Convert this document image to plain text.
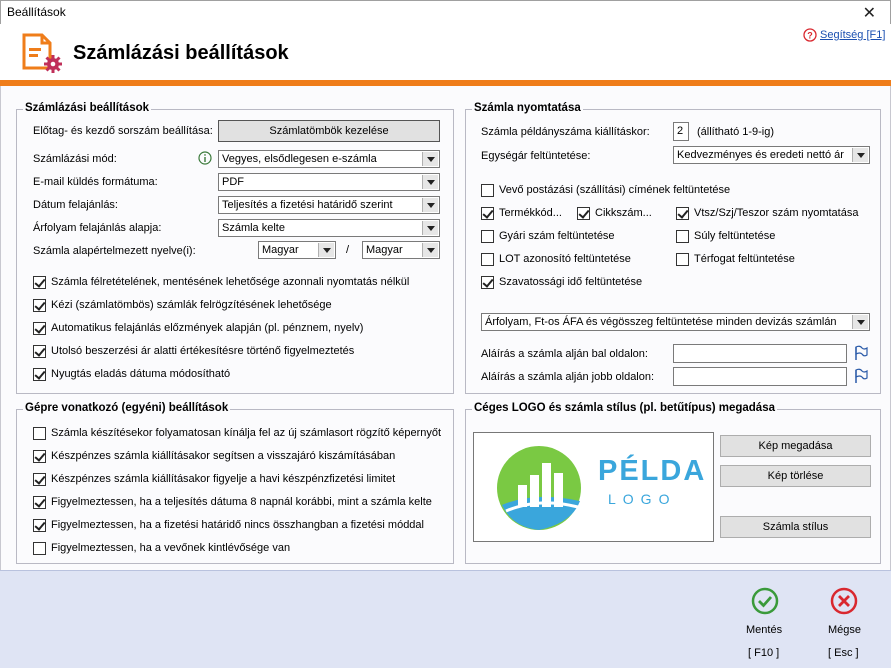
Beállítások	✕
Számlázási beállítások
? Segítség [F1]
Számlázási beállítások
Előtag- és kezdő sorszám beállítása:	Számlatömbök kezelése
Számlázási mód:	Vegyes, elsődlegesen e-számla
E-mail küldés formátuma:	PDF
Dátum felajánlás:	Teljesítés a fizetési határidő szerint
Árfolyam felajánlás alapja:	Számla kelte
Számla alapértelmezett nyelve(i):	Magyar	/	Magyar
Számla félretételének, mentésének lehetősége azonnali nyomtatás nélkül
Kézi (számlatömbös) számlák felrögzítésének lehetősége
Automatikus felajánlás előzmények alapján (pl. pénznem, nyelv)
Utolsó beszerzési ár alatti értékesítésre történő figyelmeztetés
Nyugtás eladás dátuma módosítható
Gépre vonatkozó (egyéni) beállítások
Számla készítésekor folyamatosan kínálja fel az új számlasort rögzítő képernyőt
Készpénzes számla kiállításakor segítsen a visszajáró kiszámításában
Készpénzes számla kiállításakor figyelje a havi készpénzfizetési limitet
Figyelmeztessen, ha a teljesítés dátuma 8 napnál korábbi, mint a számla kelte
Figyelmeztessen, ha a fizetési határidő nincs összhangban a fizetési móddal
Figyelmeztessen, ha a vevőnek kintlévősége van
Számla nyomtatása
Számla példányszáma kiállításkor:	2	(állítható 1-9-ig)
Egységár feltüntetése:	Kedvezményes és eredeti nettó ár
Vevő postázási (szállítási) címének feltüntetése
Termékkód...	Cikkszám...	Vtsz/Szj/Teszor szám nyomtatása
Gyári szám feltüntetése	Súly feltüntetése
LOT azonosító feltüntetése	Térfogat feltüntetése
Szavatossági idő feltüntetése
Árfolyam, Ft-os ÁFA és végösszeg feltüntetése minden devizás számlán
Aláírás a számla alján bal oldalon:
Aláírás a számla alján jobb oldalon:
Céges LOGO és számla stílus (pl. betűtípus) megadása
PÉLDA
LOGO
Kép megadása
Kép törlése
Számla stílus
Mentés
[ F10 ]
Mégse
[ Esc ]
